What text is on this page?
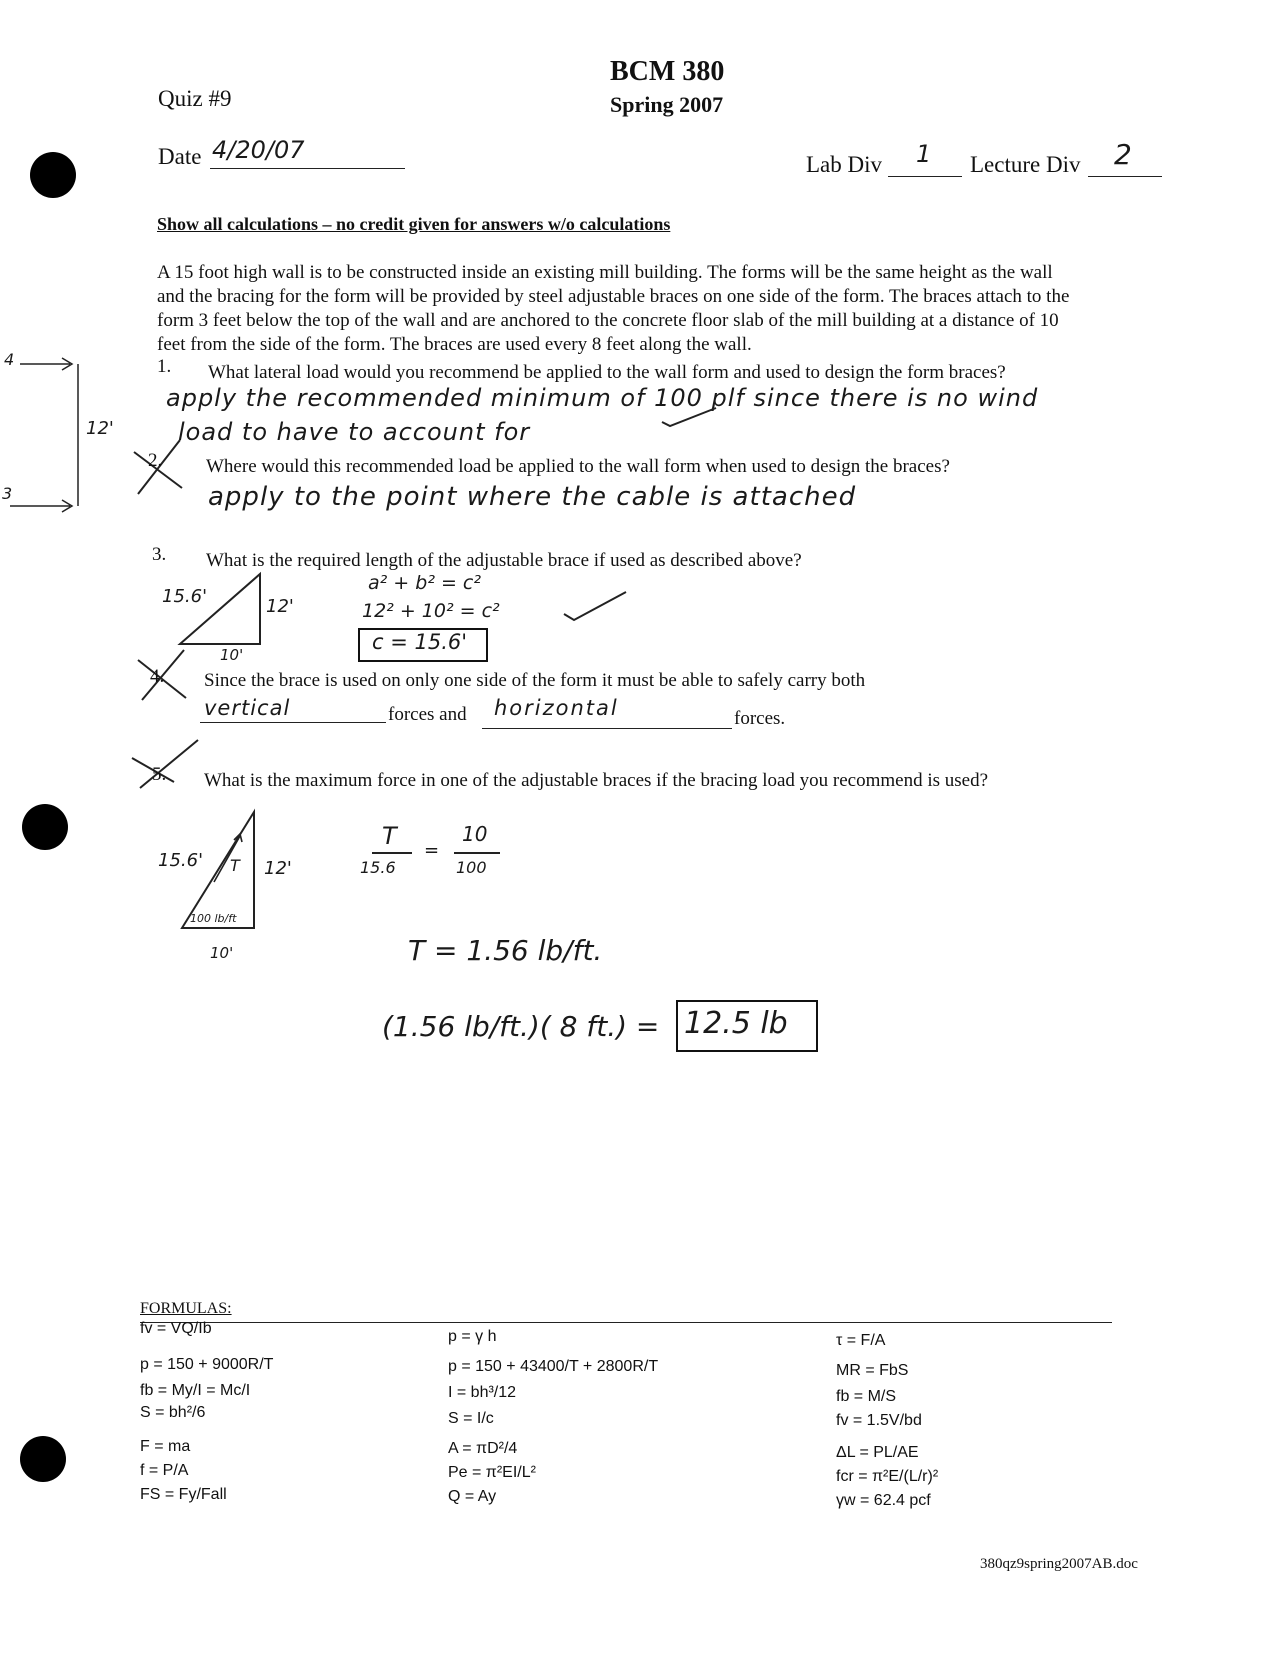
BCM 380
Spring 2007
Quiz #9
Date 4/20/07
Lab Div 1 Lecture Div 2
Show all calculations – no credit given for answers w/o calculations
A 15 foot high wall is to be constructed inside an existing mill building. The forms will be the same height as the wall
and the bracing for the form will be provided by steel adjustable braces on one side of the form. The braces attach to the
form 3 feet below the top of the wall and are anchored to the concrete floor slab of the mill building at a distance of 10
feet from the side of the form. The braces are used every 8 feet along the wall.
4
12'
3
1. What lateral load would you recommend be applied to the wall form and used to design the form braces?
apply the recommended minimum of 100 plf since there is no wind
load to have to account for
2. Where would this recommended load be applied to the wall form when used to design the braces?
apply to the point where the cable is attached
3. What is the required length of the adjustable brace if used as described above?
15.6'	12'
10'
a² + b² = c²
12² + 10² = c²
c = 15.6'
4. Since the brace is used on only one side of the form it must be able to safely carry both
vertical	forces and horizontal	forces.
5. What is the maximum force in one of the adjustable braces if the bracing load you recommend is used?
15.6' T 12'
100 lb/ft
10'
T
15.6
=
10
100
T = 1.56 lb/ft.
(1.56 lb/ft.)( 8 ft.) = 12.5 lb
FORMULAS:
fv = VQ/Ib
p = 150 + 9000R/T
fb = My/I = Mc/I
S = bh²/6
F = ma
f = P/A
FS = Fy/Fall
p = γ h
p = 150 + 43400/T + 2800R/T
I = bh³/12
S = I/c
A = πD²/4
Pe = π²EI/L²
Q = Ay
τ = F/A
MR = FbS
fb = M/S
fv = 1.5V/bd
ΔL = PL/AE
fcr = π²E/(L/r)²
γw = 62.4 pcf
380qz9spring2007AB.doc
